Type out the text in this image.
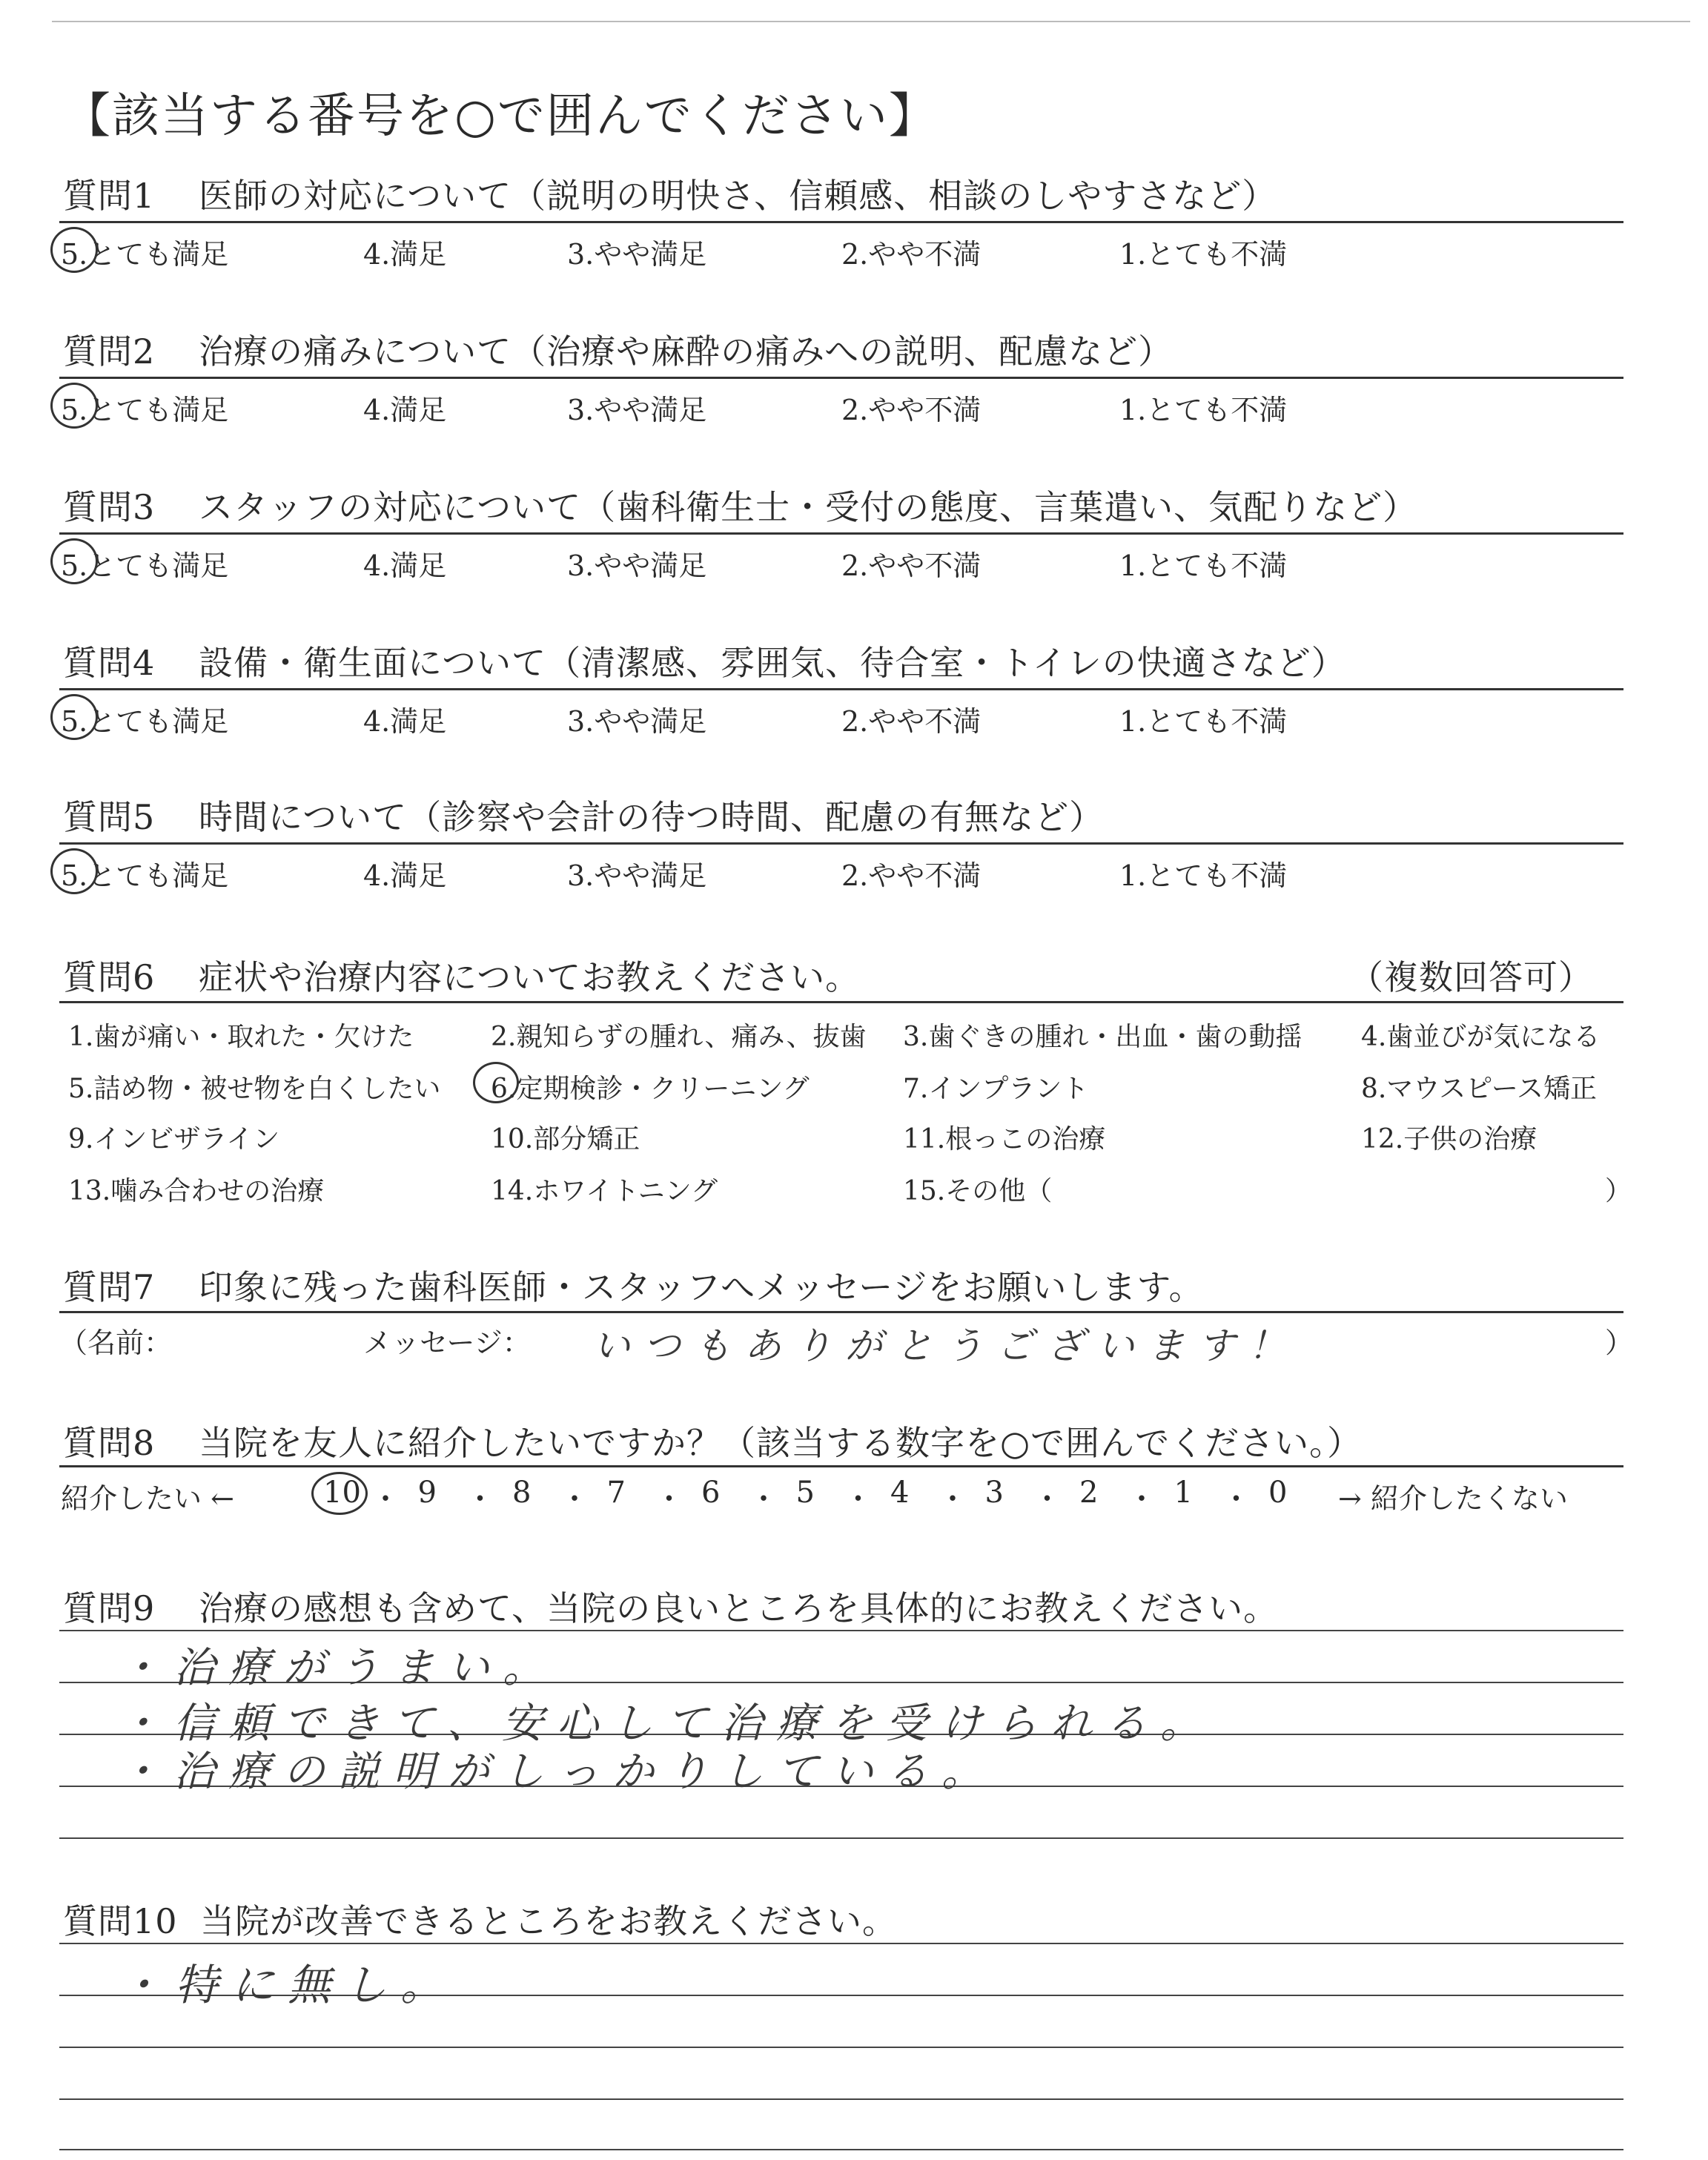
【該当する番号を○で囲んでください】
質問1 医師の対応について（説明の明快さ、信頼感、相談のしやすさなど）
5.とても満足	4.満足	3.やや満足	2.やや不満	1.とても不満
質問2 治療の痛みについて（治療や麻酔の痛みへの説明、配慮など）
5.とても満足	4.満足	3.やや満足	2.やや不満	1.とても不満
質問3 スタッフの対応について（歯科衛生士・受付の態度、言葉遣い、気配りなど）
5.とても満足	4.満足	3.やや満足	2.やや不満	1.とても不満
質問4 設備・衛生面について（清潔感、雰囲気、待合室・トイレの快適さなど）
5.とても満足	4.満足	3.やや満足	2.やや不満	1.とても不満
質問5 時間について（診察や会計の待つ時間、配慮の有無など）
5.とても満足	4.満足	3.やや満足	2.やや不満	1.とても不満
質問6 症状や治療内容についてお教えください。	（複数回答可）
1.歯が痛い・取れた・欠けた	2.親知らずの腫れ、痛み、抜歯 3.歯ぐきの腫れ・出血・歯の動揺 4.歯並びが気になる
5.詰め物・被せ物を白くしたい 6.定期検診・クリーニング	7.インプラント	8.マウスピース矯正
9.インビザライン	10.部分矯正	11.根っこの治療	12.子供の治療
13.噛み合わせの治療	14.ホワイトニング	15.その他（	）
質問7 印象に残った歯科医師・スタッフへメッセージをお願いします。
（名前：	メッセージ： いつもありがとうございます！	）
質問8 当院を友人に紹介したいですか？（該当する数字を○で囲んでください。）
紹介したい ←	10 ・ 9 ・ 8 ・ 7 ・ 6 ・ 5 ・ 4 ・ 3 ・ 2 ・ 1 ・ 0 → 紹介したくない
質問9 治療の感想も含めて、当院の良いところを具体的にお教えください。
・治療がうまい。
・信頼できて、安心して治療を受けられる。
・治療の説明がしっかりしている。
質問10 当院が改善できるところをお教えください。
・特に無し。
